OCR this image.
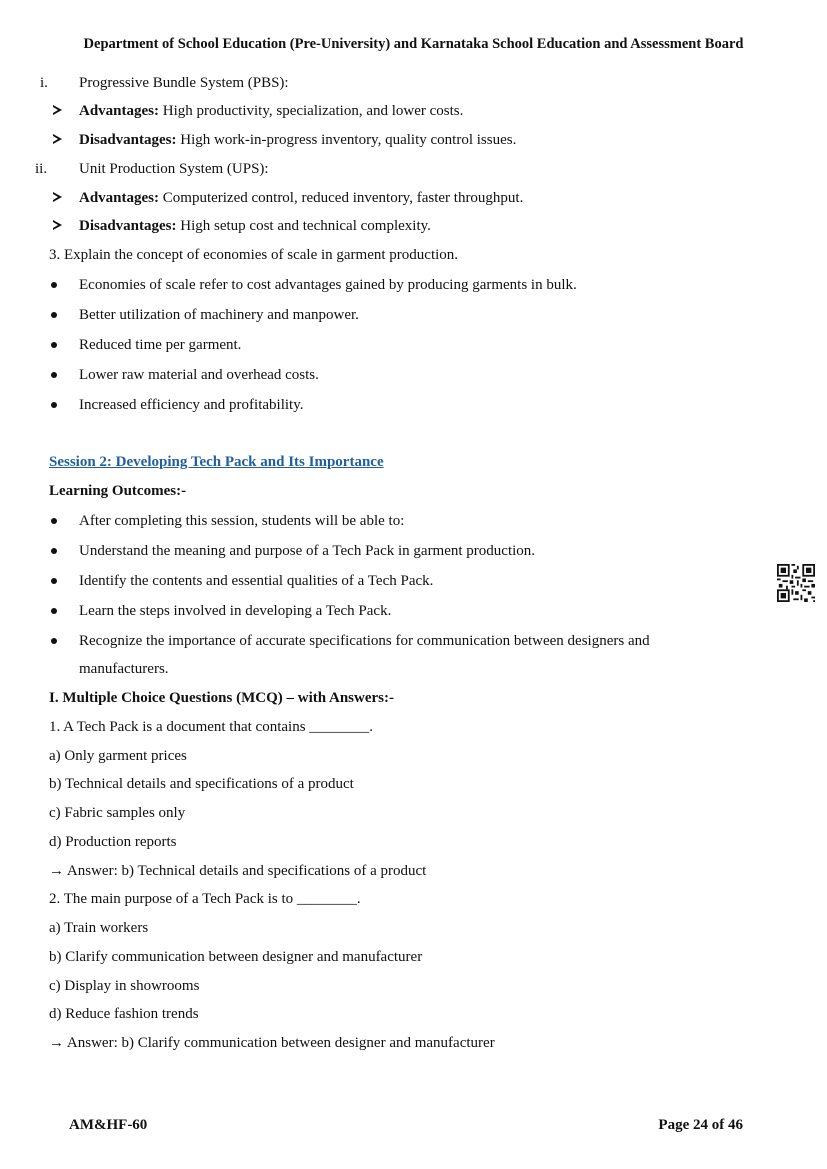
Department of School Education (Pre-University) and Karnataka School Education and Assessment Board
i. Progressive Bundle System (PBS):
Advantages: High productivity, specialization, and lower costs.
Disadvantages: High work-in-progress inventory, quality control issues.
ii. Unit Production System (UPS):
Advantages: Computerized control, reduced inventory, faster throughput.
Disadvantages: High setup cost and technical complexity.
3. Explain the concept of economies of scale in garment production.
Economies of scale refer to cost advantages gained by producing garments in bulk.
Better utilization of machinery and manpower.
Reduced time per garment.
Lower raw material and overhead costs.
Increased efficiency and profitability.
Session 2: Developing Tech Pack and Its Importance
Learning Outcomes:-
After completing this session, students will be able to:
Understand the meaning and purpose of a Tech Pack in garment production.
Identify the contents and essential qualities of a Tech Pack.
Learn the steps involved in developing a Tech Pack.
Recognize the importance of accurate specifications for communication between designers and
manufacturers.
I. Multiple Choice Questions (MCQ) – with Answers:-
1. A Tech Pack is a document that contains ________.
a) Only garment prices
b) Technical details and specifications of a product
c) Fabric samples only
d) Production reports
→ Answer: b) Technical details and specifications of a product
2. The main purpose of a Tech Pack is to ________.
a) Train workers
b) Clarify communication between designer and manufacturer
c) Display in showrooms
d) Reduce fashion trends
→ Answer: b) Clarify communication between designer and manufacturer
AM&HF-60	Page 24 of 46
